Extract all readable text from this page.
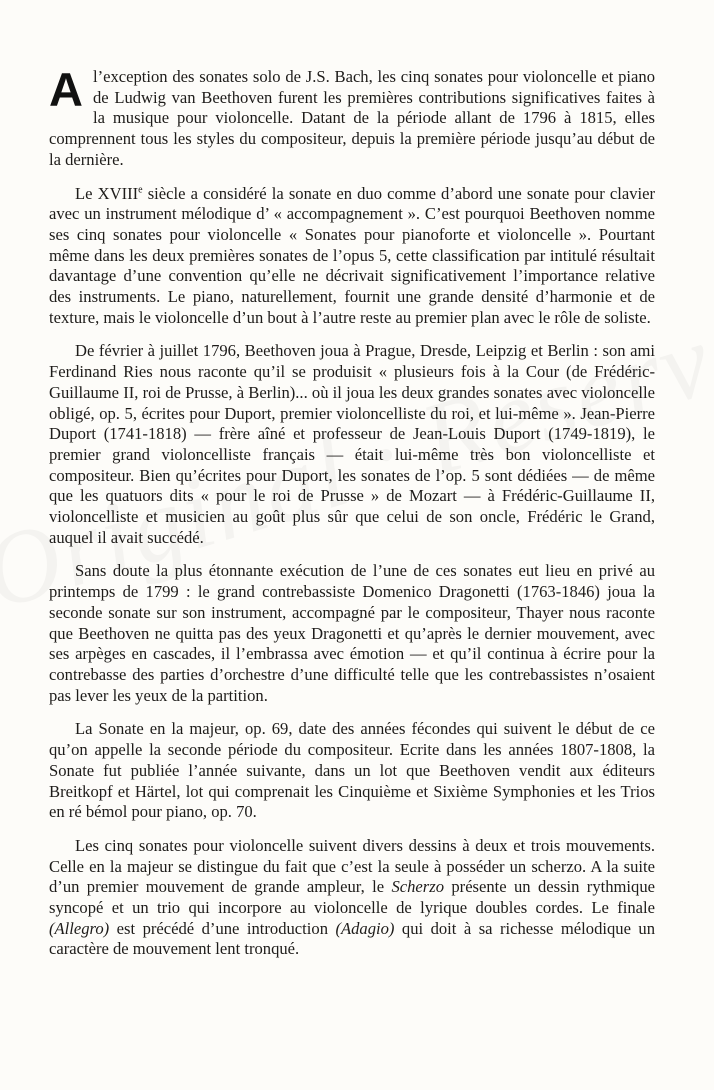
Al’exception des sonates solo de J.S. Bach, les cinq sonates pour violoncelle et piano de Ludwig van Beethoven furent les premières contributions significatives faites à la musique pour violoncelle. Datant de la période allant de 1796 à 1815, elles comprennent tous les styles du compositeur, depuis la première période jusqu’au début de la dernière.

Le XVIIIe siècle a considéré la sonate en duo comme d’abord une sonate pour clavier avec un instrument mélodique d’ « accompagnement ». C’est pourquoi Beethoven nomme ses cinq sonates pour violoncelle « Sonates pour pianoforte et violoncelle ». Pourtant même dans les deux premières sonates de l’opus 5, cette classification par intitulé résultait davantage d’une convention qu’elle ne décrivait significativement l’importance relative des instruments. Le piano, naturellement, fournit une grande densité d’harmonie et de texture, mais le violoncelle d’un bout à l’autre reste au premier plan avec le rôle de soliste.

De février à juillet 1796, Beethoven joua à Prague, Dresde, Leipzig et Berlin : son ami Ferdinand Ries nous raconte qu’il se produisit « plusieurs fois à la Cour (de Frédéric-Guillaume II, roi de Prusse, à Berlin)... où il joua les deux grandes sonates avec violoncelle obligé, op. 5, écrites pour Duport, premier violoncelliste du roi, et lui-même ». Jean-Pierre Duport (1741-1818) — frère aîné et professeur de Jean-Louis Duport (1749-1819), le premier grand violoncelliste français — était lui-même très bon violoncelliste et compositeur. Bien qu’écrites pour Duport, les sonates de l’op. 5 sont dédiées — de même que les quatuors dits « pour le roi de Prusse » de Mozart — à Frédéric-Guillaume II, violoncelliste et musicien au goût plus sûr que celui de son oncle, Frédéric le Grand, auquel il avait succédé.

Sans doute la plus étonnante exécution de l’une de ces sonates eut lieu en privé au printemps de 1799 : le grand contrebassiste Domenico Dragonetti (1763-1846) joua la seconde sonate sur son instrument, accompagné par le compositeur, Thayer nous raconte que Beethoven ne quitta pas des yeux Dragonetti et qu’après le dernier mouvement, avec ses arpèges en cascades, il l’embrassa avec émotion — et qu’il continua à écrire pour la contrebasse des parties d’orchestre d’une difficulté telle que les contrebassistes n’osaient pas lever les yeux de la partition.

La Sonate en la majeur, op. 69, date des années fécondes qui suivent le début de ce qu’on appelle la seconde période du compositeur. Ecrite dans les années 1807-1808, la Sonate fut publiée l’année suivante, dans un lot que Beethoven vendit aux éditeurs Breitkopf et Härtel, lot qui comprenait les Cinquième et Sixième Symphonies et les Trios en ré bémol pour piano, op. 70.

Les cinq sonates pour violoncelle suivent divers dessins à deux et trois mouvements. Celle en la majeur se distingue du fait que c’est la seule à posséder un scherzo. A la suite d’un premier mouvement de grande ampleur, le Scherzo présente un dessin rythmique syncopé et un trio qui incorpore au violoncelle de lyrique doubles cordes. Le finale (Allegro) est précédé d’une introduction (Adagio) qui doit à sa richesse mélodique un caractère de mouvement lent tronqué.
